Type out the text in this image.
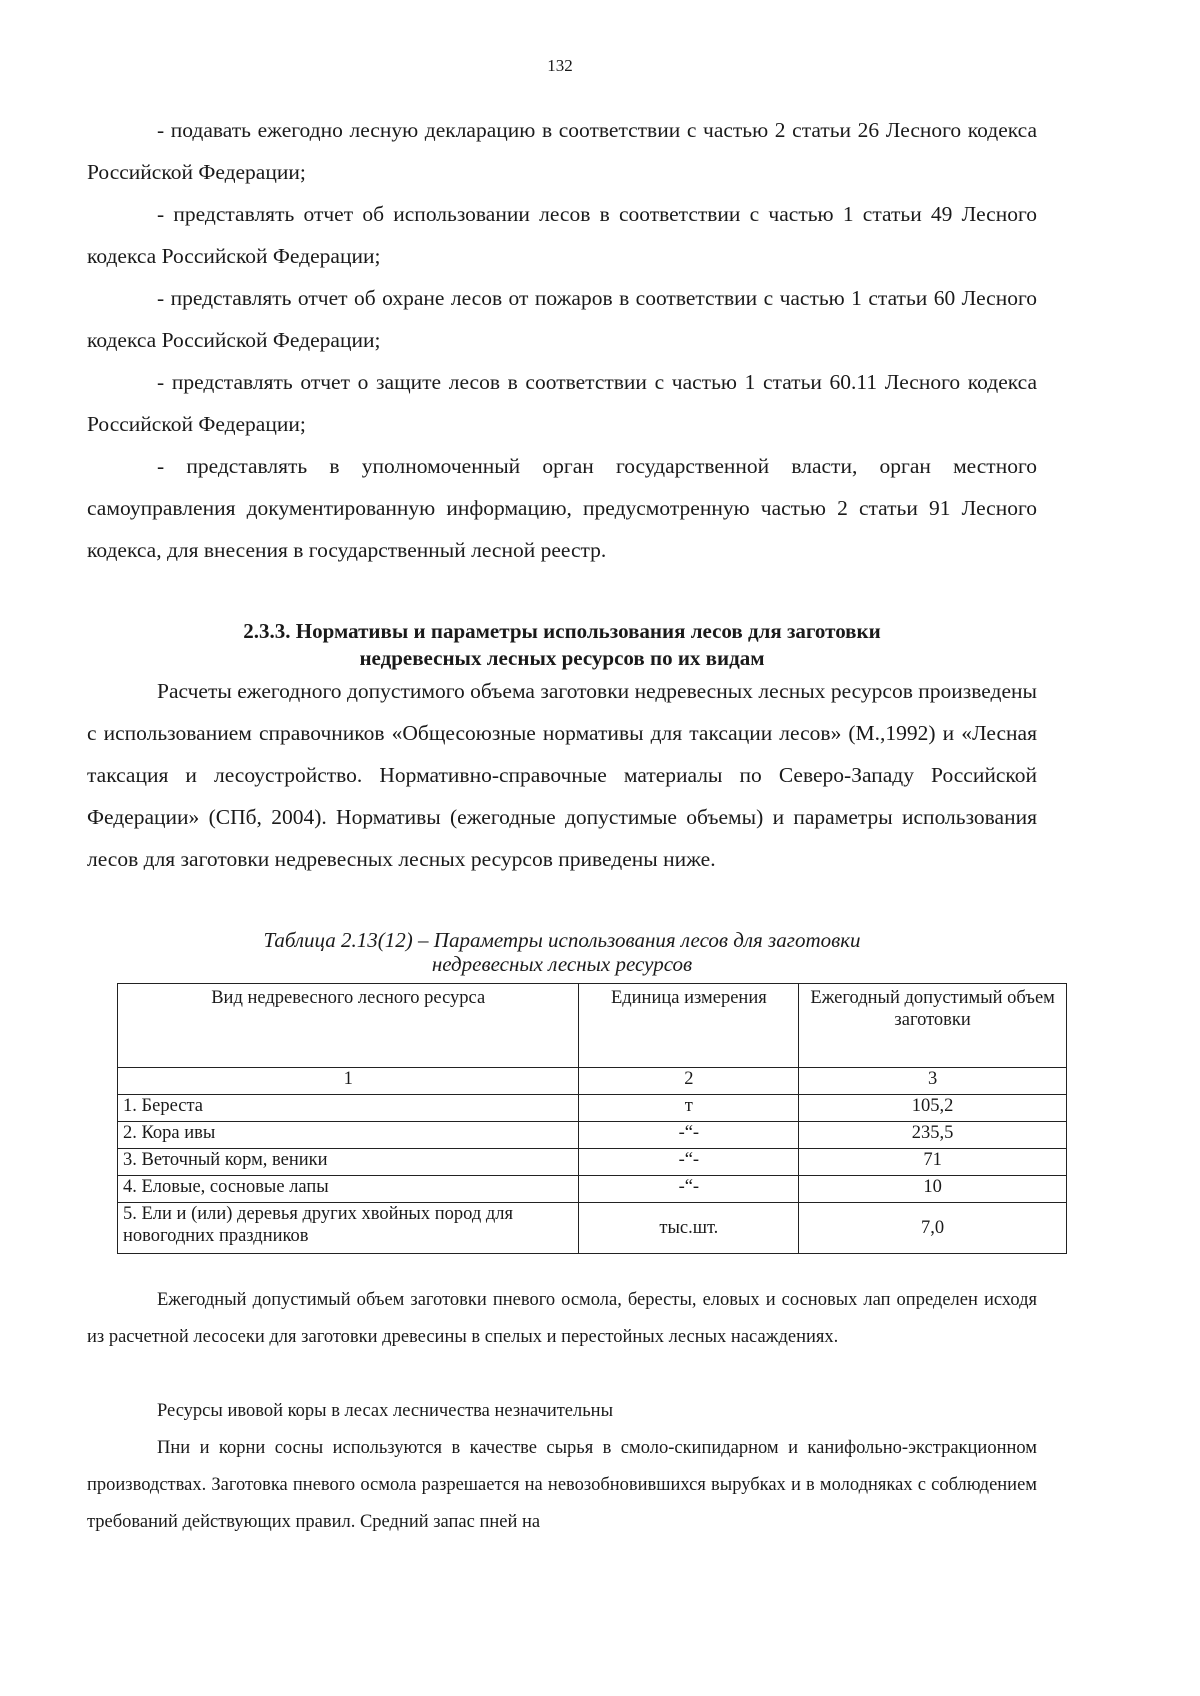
132
- подавать ежегодно лесную декларацию в соответствии с частью 2 статьи 26 Лесного кодекса Российской Федерации;
- представлять отчет об использовании лесов в соответствии с частью 1 статьи 49 Лесного кодекса Российской Федерации;
- представлять отчет об охране лесов от пожаров в соответствии с частью 1 статьи 60 Лесного кодекса Российской Федерации;
- представлять отчет о защите лесов в соответствии с частью 1 статьи 60.11 Лесного кодекса Российской Федерации;
- представлять в уполномоченный орган государственной власти, орган местного самоуправления документированную информацию, предусмотренную частью 2 статьи 91 Лесного кодекса, для внесения в государственный лесной реестр.
2.3.3. Нормативы и параметры использования лесов для заготовки
недревесных лесных ресурсов по их видам
Расчеты ежегодного допустимого объема заготовки недревесных лесных ресурсов произведены с использованием справочников «Общесоюзные нормативы для таксации лесов» (М.,1992) и «Лесная таксация и лесоустройство. Нормативно-справочные материалы по Северо-Западу Российской Федерации» (СПб, 2004). Нормативы (ежегодные допустимые объемы) и параметры использования лесов для заготовки недревесных лесных ресурсов приведены ниже.
Таблица 2.13(12) – Параметры использования лесов для заготовки
недревесных лесных ресурсов
Вид недревесного лесного ресурса	Единица измерения	Ежегодный допустимый объем заготовки
1	2	3
1. Береста	т	105,2
2. Кора ивы	-“-	235,5
3. Веточный корм, веники	-“-	71
4. Еловые, сосновые лапы	-“-	10
5. Ели и (или) деревья других хвойных пород для новогодних праздников	тыс.шт.	7,0
Ежегодный допустимый объем заготовки пневого осмола, бересты, еловых и сосновых лап определен исходя из расчетной лесосеки для заготовки древесины в спелых и перестойных лесных насаждениях.
Ресурсы ивовой коры в лесах лесничества незначительны
Пни и корни сосны используются в качестве сырья в смоло-скипидарном и канифольно-экстракционном производствах. Заготовка пневого осмола разрешается на невозобновившихся вырубках и в молодняках с соблюдением требований действующих правил. Средний запас пней на
